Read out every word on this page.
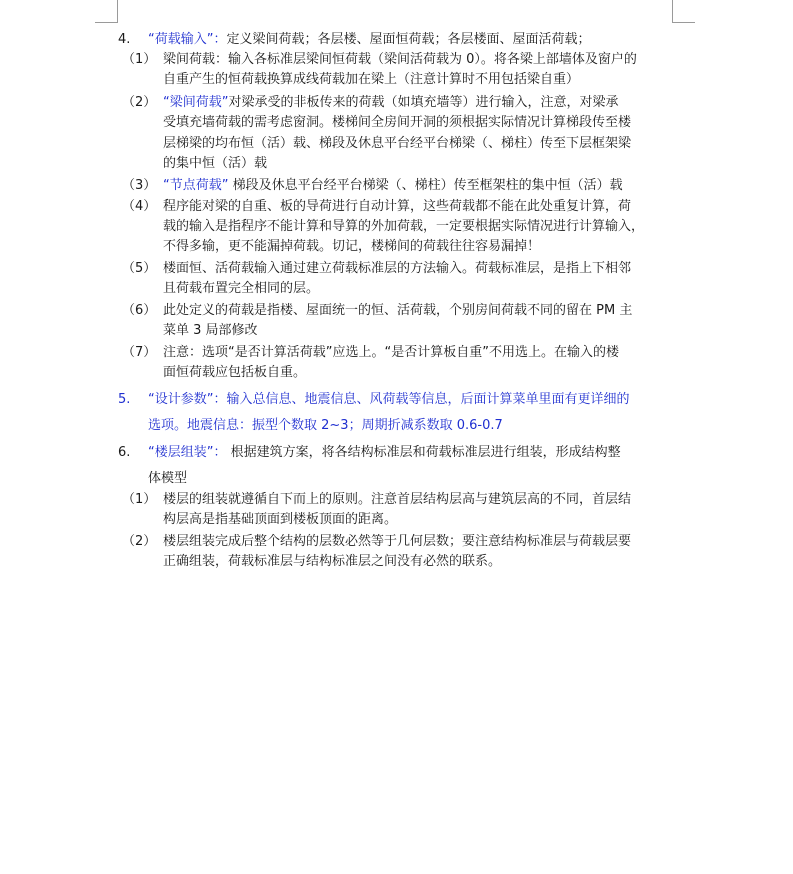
4. “荷载输入”：定义梁间荷载；各层楼、屋面恒荷载；各层楼面、屋面活荷载；
（1） 梁间荷载：输入各标准层梁间恒荷载（梁间活荷载为 0）。将各梁上部墙体及窗户的
自重产生的恒荷载换算成线荷载加在梁上（注意计算时不用包括梁自重）
（2） “梁间荷载”对梁承受的非板传来的荷载（如填充墙等）进行输入，注意，对梁承
受填充墙荷载的需考虑窗洞。楼梯间全房间开洞的须根据实际情况计算梯段传至楼
层梯梁的均布恒（活）载、梯段及休息平台经平台梯梁（、梯柱）传至下层框架梁
的集中恒（活）载
（3） “节点荷载” 梯段及休息平台经平台梯梁（、梯柱）传至框架柱的集中恒（活）载
（4） 程序能对梁的自重、板的导荷进行自动计算，这些荷载都不能在此处重复计算，荷
载的输入是指程序不能计算和导算的外加荷载，一定要根据实际情况进行计算输入，
不得多输，更不能漏掉荷载。切记，楼梯间的荷载往往容易漏掉！
（5） 楼面恒、活荷载输入通过建立荷载标准层的方法输入。荷载标准层，是指上下相邻
且荷载布置完全相同的层。
（6） 此处定义的荷载是指楼、屋面统一的恒、活荷载，个别房间荷载不同的留在 PM 主
菜单 3 局部修改
（7） 注意：选项“是否计算活荷载”应选上。“是否计算板自重”不用选上。在输入的楼
面恒荷载应包括板自重。
5. “设计参数”：输入总信息、地震信息、风荷载等信息，后面计算菜单里面有更详细的
选项。地震信息：振型个数取 2~3；周期折减系数取 0.6-0.7
6. “楼层组装”： 根据建筑方案，将各结构标准层和荷载标准层进行组装，形成结构整
体模型
（1） 楼层的组装就遵循自下而上的原则。注意首层结构层高与建筑层高的不同，首层结
构层高是指基础顶面到楼板顶面的距离。
（2） 楼层组装完成后整个结构的层数必然等于几何层数；要注意结构标准层与荷载层要
正确组装，荷载标准层与结构标准层之间没有必然的联系。
